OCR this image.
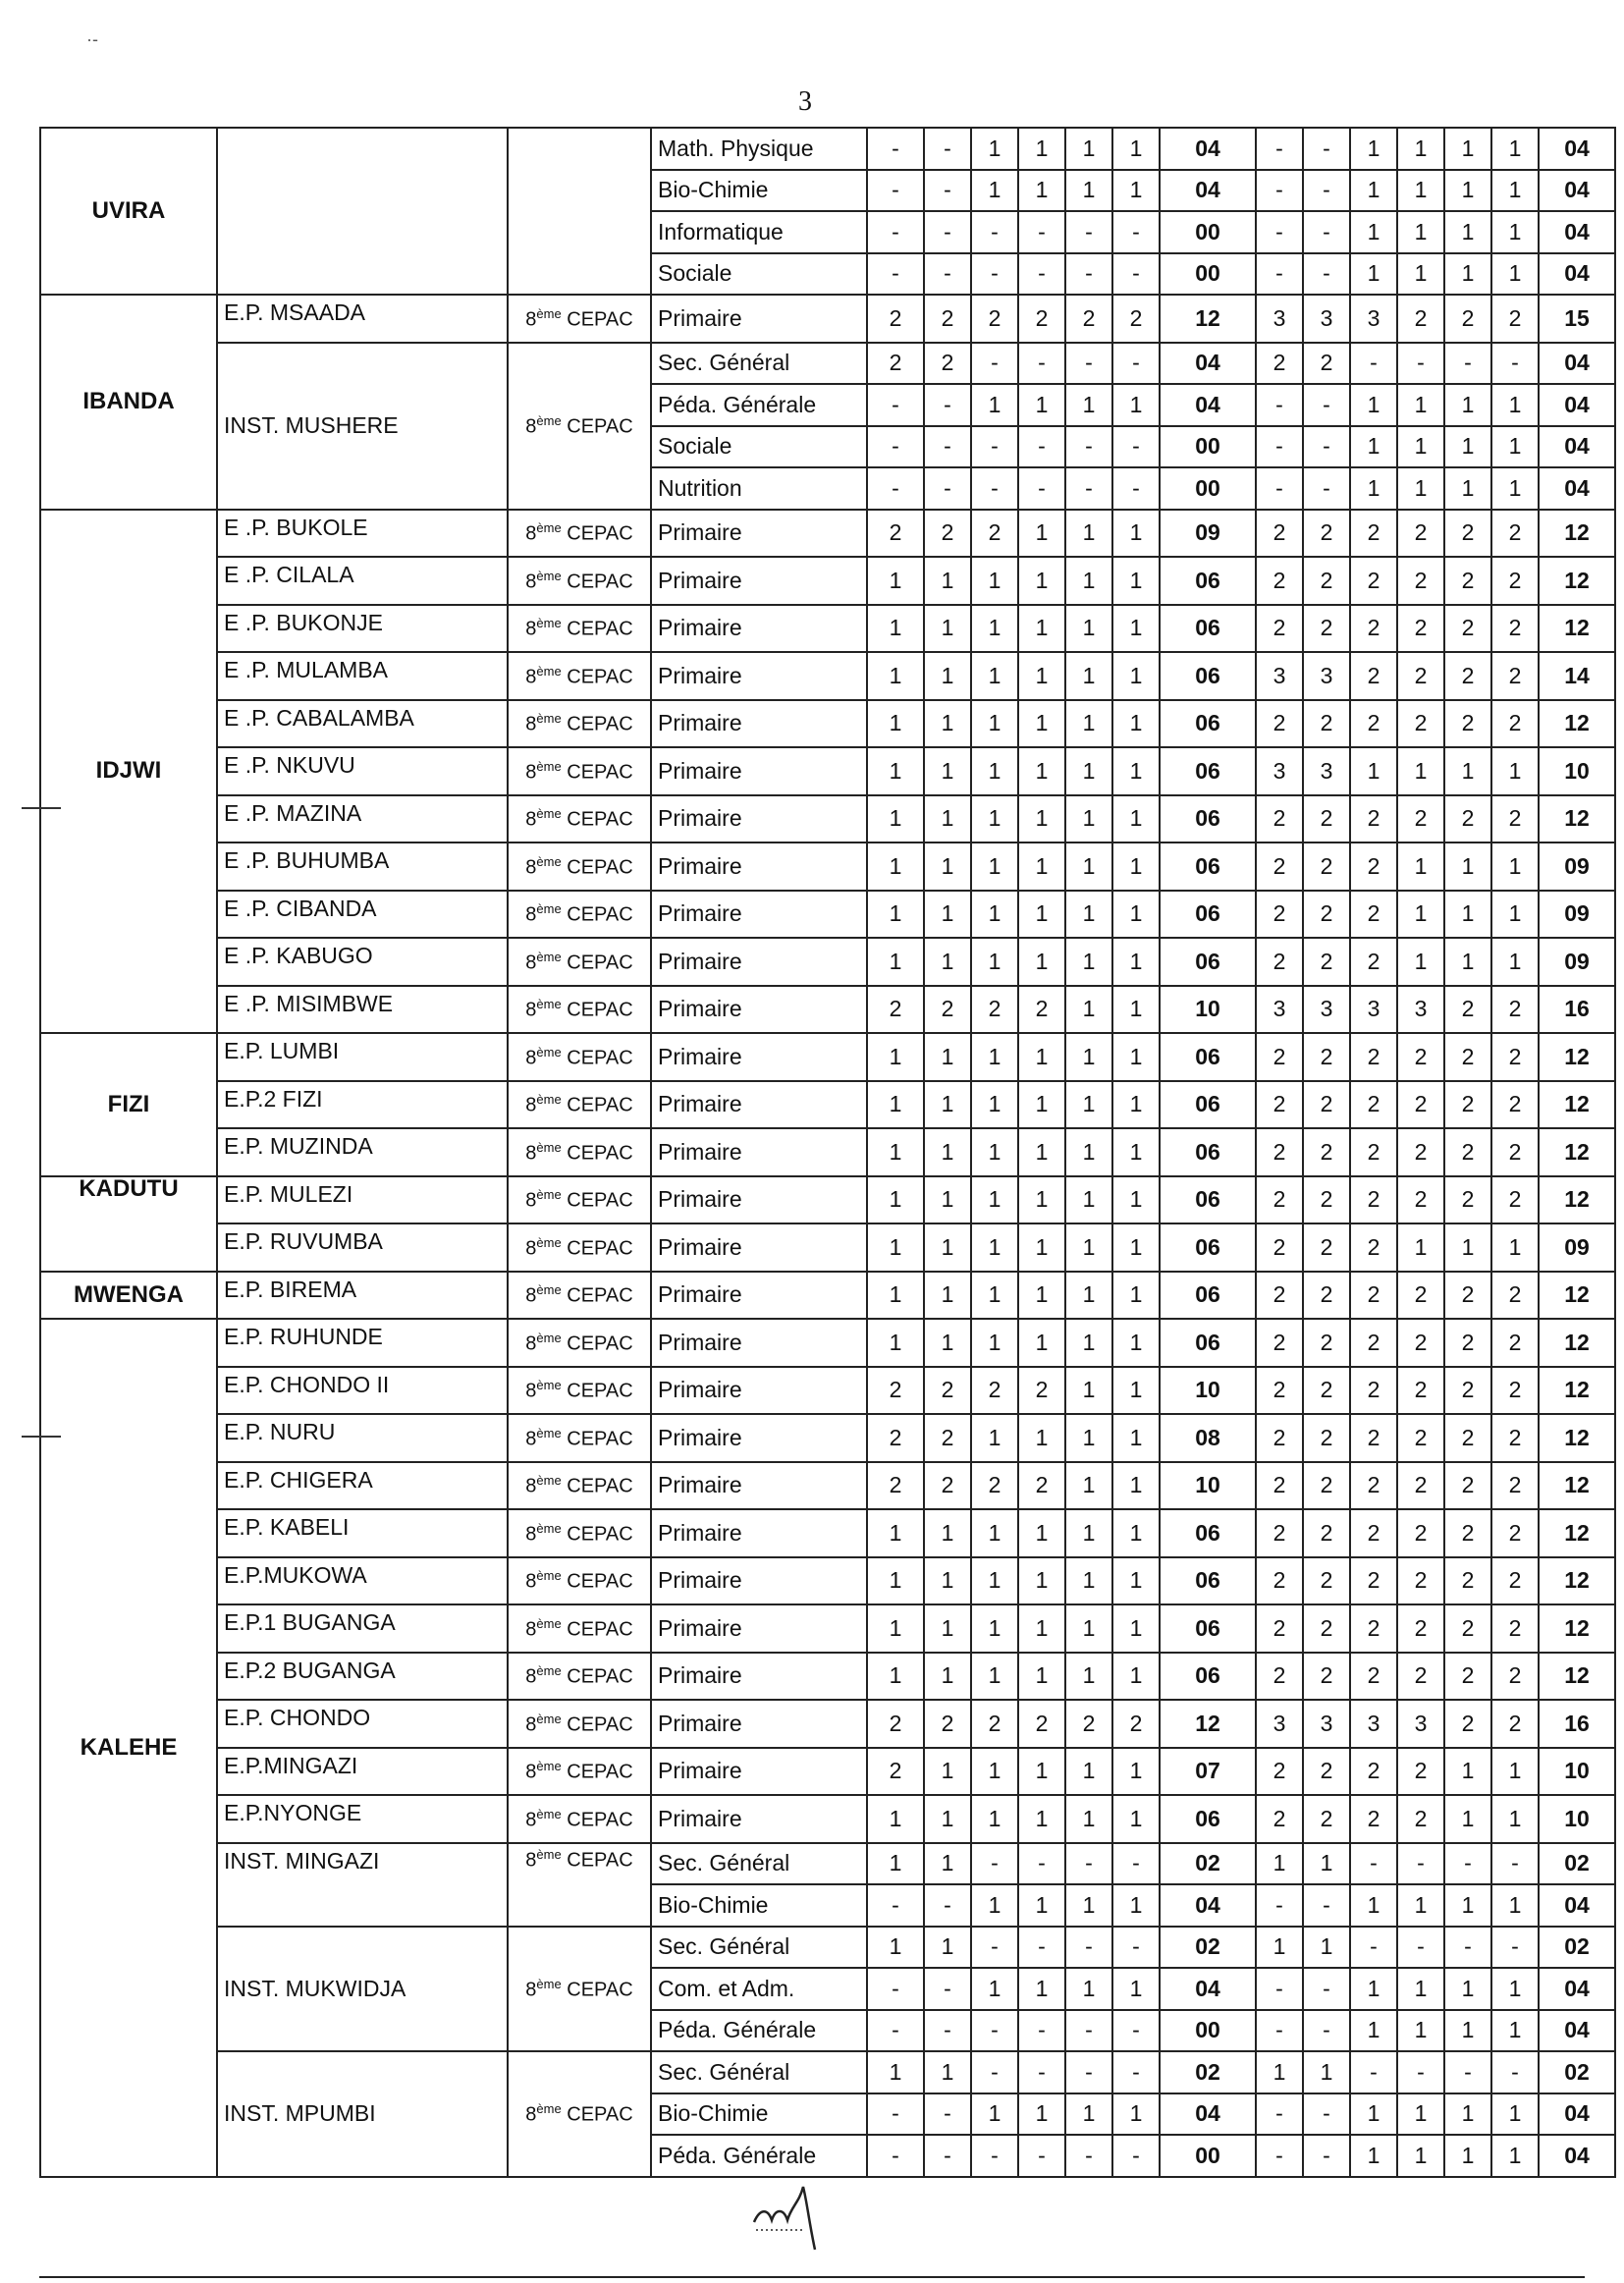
·-
3
UVIRA			Math. Physique	-	-	1	1	1	1	04	-	-	1	1	1	1	04
			Bio-Chimie	-	-	1	1	1	1	04	-	-	1	1	1	1	04
			Informatique	-	-	-	-	-	-	00	-	-	1	1	1	1	04
			Sociale	-	-	-	-	-	-	00	-	-	1	1	1	1	04
IBANDA	E.P. MSAADA	8ème CEPAC	Primaire	2	2	2	2	2	2	12	3	3	3	2	2	2	15
	INST. MUSHERE	8ème CEPAC	Sec. Général	2	2	-	-	-	-	04	2	2	-	-	-	-	04
			Péda. Générale	-	-	1	1	1	1	04	-	-	1	1	1	1	04
			Sociale	-	-	-	-	-	-	00	-	-	1	1	1	1	04
			Nutrition	-	-	-	-	-	-	00	-	-	1	1	1	1	04
IDJWI	E .P. BUKOLE	8ème CEPAC	Primaire	2	2	2	1	1	1	09	2	2	2	2	2	2	12
	E .P. CILALA	8ème CEPAC	Primaire	1	1	1	1	1	1	06	2	2	2	2	2	2	12
	E .P. BUKONJE	8ème CEPAC	Primaire	1	1	1	1	1	1	06	2	2	2	2	2	2	12
	E .P. MULAMBA	8ème CEPAC	Primaire	1	1	1	1	1	1	06	3	3	2	2	2	2	14
	E .P. CABALAMBA	8ème CEPAC	Primaire	1	1	1	1	1	1	06	2	2	2	2	2	2	12
	E .P. NKUVU	8ème CEPAC	Primaire	1	1	1	1	1	1	06	3	3	1	1	1	1	10
	E .P. MAZINA	8ème CEPAC	Primaire	1	1	1	1	1	1	06	2	2	2	2	2	2	12
	E .P. BUHUMBA	8ème CEPAC	Primaire	1	1	1	1	1	1	06	2	2	2	1	1	1	09
	E .P. CIBANDA	8ème CEPAC	Primaire	1	1	1	1	1	1	06	2	2	2	1	1	1	09
	E .P. KABUGO	8ème CEPAC	Primaire	1	1	1	1	1	1	06	2	2	2	1	1	1	09
	E .P. MISIMBWE	8ème CEPAC	Primaire	2	2	2	2	1	1	10	3	3	3	3	2	2	16
FIZI	E.P. LUMBI	8ème CEPAC	Primaire	1	1	1	1	1	1	06	2	2	2	2	2	2	12
	E.P.2 FIZI	8ème CEPAC	Primaire	1	1	1	1	1	1	06	2	2	2	2	2	2	12
	E.P. MUZINDA	8ème CEPAC	Primaire	1	1	1	1	1	1	06	2	2	2	2	2	2	12
KADUTU	E.P. MULEZI	8ème CEPAC	Primaire	1	1	1	1	1	1	06	2	2	2	2	2	2	12
	E.P. RUVUMBA	8ème CEPAC	Primaire	1	1	1	1	1	1	06	2	2	2	1	1	1	09
MWENGA	E.P. BIREMA	8ème CEPAC	Primaire	1	1	1	1	1	1	06	2	2	2	2	2	2	12
KALEHE	E.P. RUHUNDE	8ème CEPAC	Primaire	1	1	1	1	1	1	06	2	2	2	2	2	2	12
	E.P. CHONDO II	8ème CEPAC	Primaire	2	2	2	2	1	1	10	2	2	2	2	2	2	12
	E.P. NURU	8ème CEPAC	Primaire	2	2	1	1	1	1	08	2	2	2	2	2	2	12
	E.P. CHIGERA	8ème CEPAC	Primaire	2	2	2	2	1	1	10	2	2	2	2	2	2	12
	E.P. KABELI	8ème CEPAC	Primaire	1	1	1	1	1	1	06	2	2	2	2	2	2	12
	E.P.MUKOWA	8ème CEPAC	Primaire	1	1	1	1	1	1	06	2	2	2	2	2	2	12
	E.P.1 BUGANGA	8ème CEPAC	Primaire	1	1	1	1	1	1	06	2	2	2	2	2	2	12
	E.P.2 BUGANGA	8ème CEPAC	Primaire	1	1	1	1	1	1	06	2	2	2	2	2	2	12
	E.P. CHONDO	8ème CEPAC	Primaire	2	2	2	2	2	2	12	3	3	3	3	2	2	16
	E.P.MINGAZI	8ème CEPAC	Primaire	2	1	1	1	1	1	07	2	2	2	2	1	1	10
	E.P.NYONGE	8ème CEPAC	Primaire	1	1	1	1	1	1	06	2	2	2	2	1	1	10
	INST. MINGAZI	8ème CEPAC	Sec. Général	1	1	-	-	-	-	02	1	1	-	-	-	-	02
			Bio-Chimie	-	-	1	1	1	1	04	-	-	1	1	1	1	04
	INST. MUKWIDJA	8ème CEPAC	Sec. Général	1	1	-	-	-	-	02	1	1	-	-	-	-	02
			Com. et Adm.	-	-	1	1	1	1	04	-	-	1	1	1	1	04
			Péda. Générale	-	-	-	-	-	-	00	-	-	1	1	1	1	04
	INST. MPUMBI	8ème CEPAC	Sec. Général	1	1	-	-	-	-	02	1	1	-	-	-	-	02
			Bio-Chimie	-	-	1	1	1	1	04	-	-	1	1	1	1	04
			Péda. Générale	-	-	-	-	-	-	00	-	-	1	1	1	1	04
